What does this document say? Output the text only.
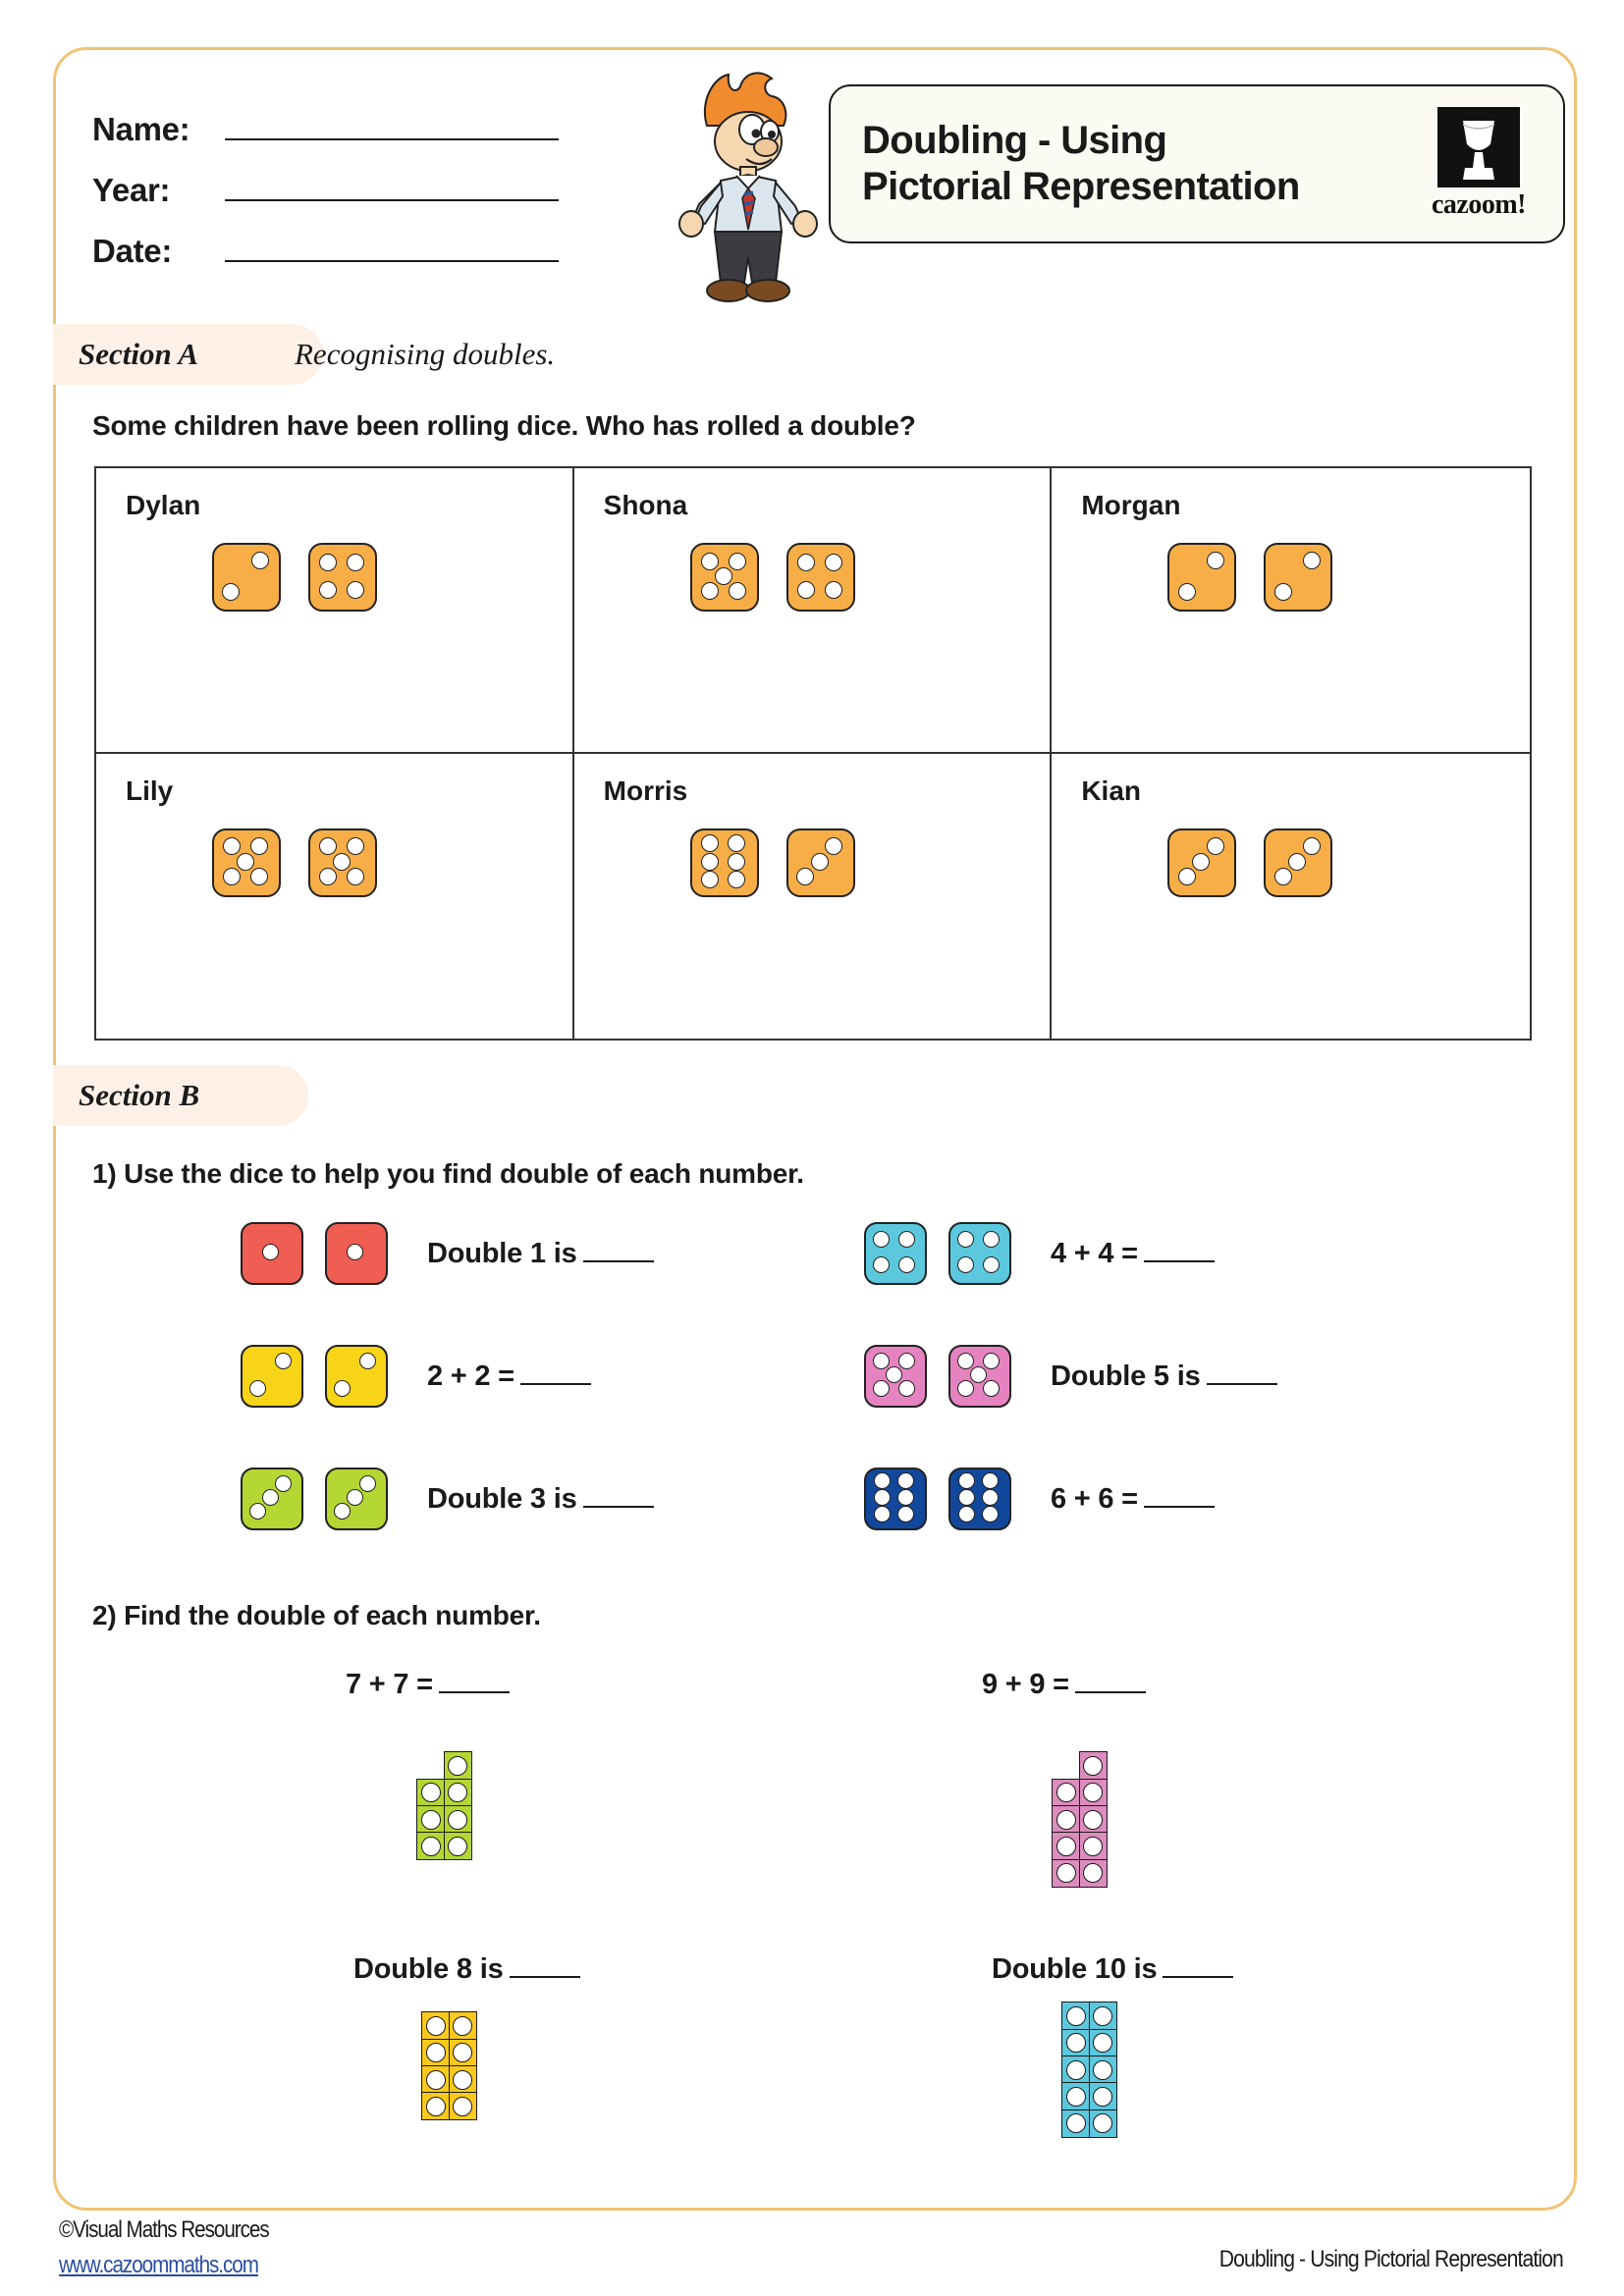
Name:
Year:
Date:
Doubling - Using
Pictorial Representation	cazoom!
Section A	Recognising doubles.
Some children have been rolling dice. Who has rolled a double?
Dylan	Shona	Morgan
Lily	Morris	Kian
Section B
1) Use the dice to help you find double of each number.
Double 1 is	4 + 4 =
2 + 2 =	Double 5 is
Double 3 is	6 + 6 =
2) Find the double of each number.
7 + 7 =	9 + 9 =
Double 8 is	Double 10 is
©Visual Maths Resources
www.cazoommaths.com	Doubling - Using Pictorial Representation
